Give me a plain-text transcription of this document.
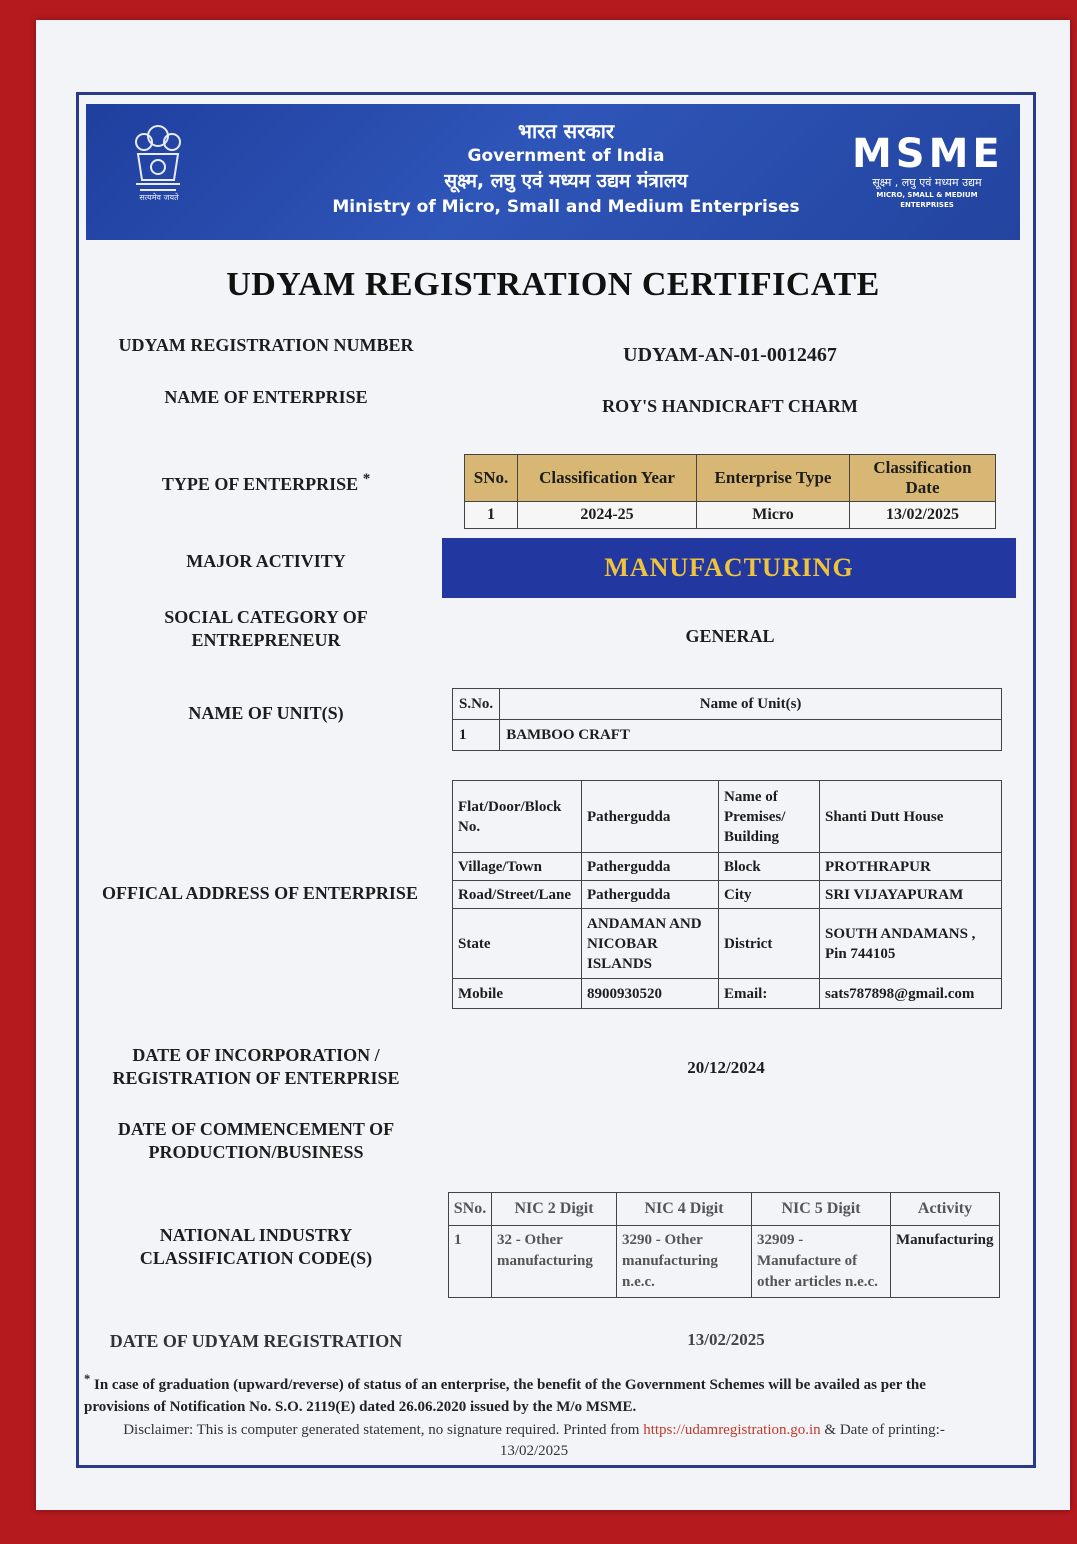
सत्यमेव जयते
भारत सरकार
Government of India
सूक्ष्म, लघु एवं मध्यम उद्यम मंत्रालय
Ministry of Micro, Small and Medium Enterprises
MSME
सूक्ष्म , लघु एवं मध्यम उद्यम
MICRO, SMALL & MEDIUM ENTERPRISES
UDYAM REGISTRATION CERTIFICATE
UDYAM REGISTRATION NUMBER	UDYAM-AN-01-0012467
NAME OF ENTERPRISE	ROY'S HANDICRAFT CHARM
TYPE OF ENTERPRISE *	SNo.	Classification Year	Enterprise Type	Classification Date
1	2024-25	Micro	13/02/2025
MAJOR ACTIVITY	MANUFACTURING
SOCIAL CATEGORY OF
ENTREPRENEUR	GENERAL
NAME OF UNIT(S)	S.No.	Name of Unit(s)
1	BAMBOO CRAFT
OFFICAL ADDRESS OF ENTERPRISE
Flat/Door/Block No.	Pathergudda	Name of Premises/ Building	Shanti Dutt House
Village/Town	Pathergudda	Block	PROTHRAPUR
Road/Street/Lane	Pathergudda	City	SRI VIJAYAPURAM
State	ANDAMAN AND NICOBAR ISLANDS	District	SOUTH ANDAMANS , Pin 744105
Mobile	8900930520	Email:	sats787898@gmail.com
DATE OF INCORPORATION /
REGISTRATION OF ENTERPRISE
20/12/2024
DATE OF COMMENCEMENT OF
PRODUCTION/BUSINESS
NATIONAL INDUSTRY
CLASSIFICATION CODE(S)
SNo.	NIC 2 Digit	NIC 4 Digit	NIC 5 Digit	Activity
1	32 - Other manufacturing	3290 - Other manufacturing n.e.c.	32909 - Manufacture of other articles n.e.c.	Manufacturing
DATE OF UDYAM REGISTRATION	13/02/2025
* In case of graduation (upward/reverse) of status of an enterprise, the benefit of the Government Schemes will be availed as per the provisions of Notification No. S.O. 2119(E) dated 26.06.2020 issued by the M/o MSME.
Disclaimer: This is computer generated statement, no signature required. Printed from https://udamregistration.go.in & Date of printing:-
13/02/2025
